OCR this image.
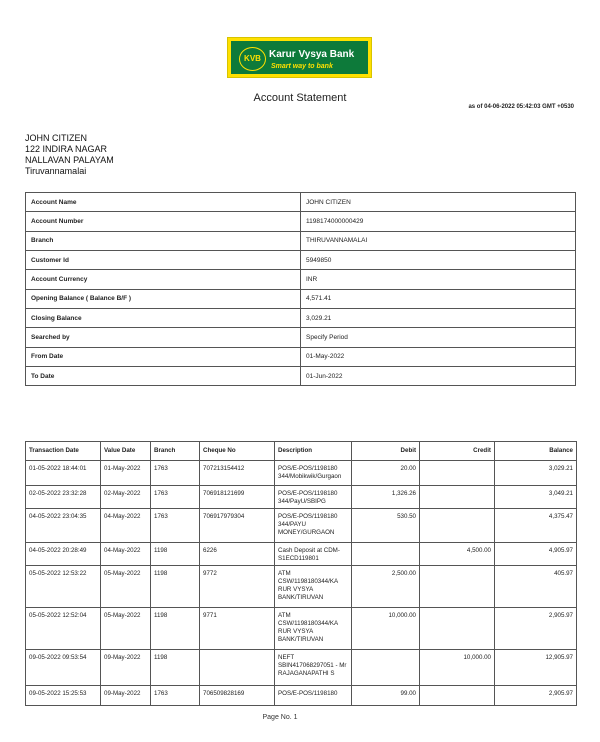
KVB Karur Vysya Bank
Smart way to bank
Account Statement
as of 04-06-2022 05:42:03 GMT +0530
JOHN CITIZEN
122 INDIRA NAGAR
NALLAVAN PALAYAM
Tiruvannamalai
Account Name	JOHN CITIZEN
Account Number	1198174000000429
Branch	THIRUVANNAMALAI
Customer Id	5949850
Account Currency	INR
Opening Balance ( Balance B/F )	4,571.41
Closing Balance	3,029.21
Searched by	Specify Period
From Date	01-May-2022
To Date	01-Jun-2022
Transaction Date	Value Date	Branch	Cheque No	Description	Debit	Credit	Balance
01-05-2022 18:44:01	01-May-2022	1763	707213154412	POS/E-POS/1198180 344/Mobikwik/Gurgaon	20.00		3,029.21
02-05-2022 23:32:28	02-May-2022	1763	706918121699	POS/E-POS/1198180 344/PayU/SBIPG	1,326.26		3,049.21
04-05-2022 23:04:35	04-May-2022	1763	706917979304	POS/E-POS/1198180 344/PAYU MONEY/GURGAON	530.50		4,375.47
04-05-2022 20:28:49	04-May-2022	1198	6226	Cash Deposit at CDM- S1ECD119801		4,500.00	4,905.97
05-05-2022 12:53:22	05-May-2022	1198	9772	ATM CSW/1198180344/KA RUR VYSYA BANK/TIRUVAN	2,500.00		405.97
05-05-2022 12:52:04	05-May-2022	1198	9771	ATM CSW/1198180344/KA RUR VYSYA BANK/TIRUVAN	10,000.00		2,905.97
09-05-2022 09:53:54	09-May-2022	1198		NEFT SBIN417068297051 - Mr RAJAGANAPATHI S		10,000.00	12,905.97
09-05-2022 15:25:53	09-May-2022	1763	706509828169	POS/E-POS/1198180	99.00		2,905.97
Page No. 1
